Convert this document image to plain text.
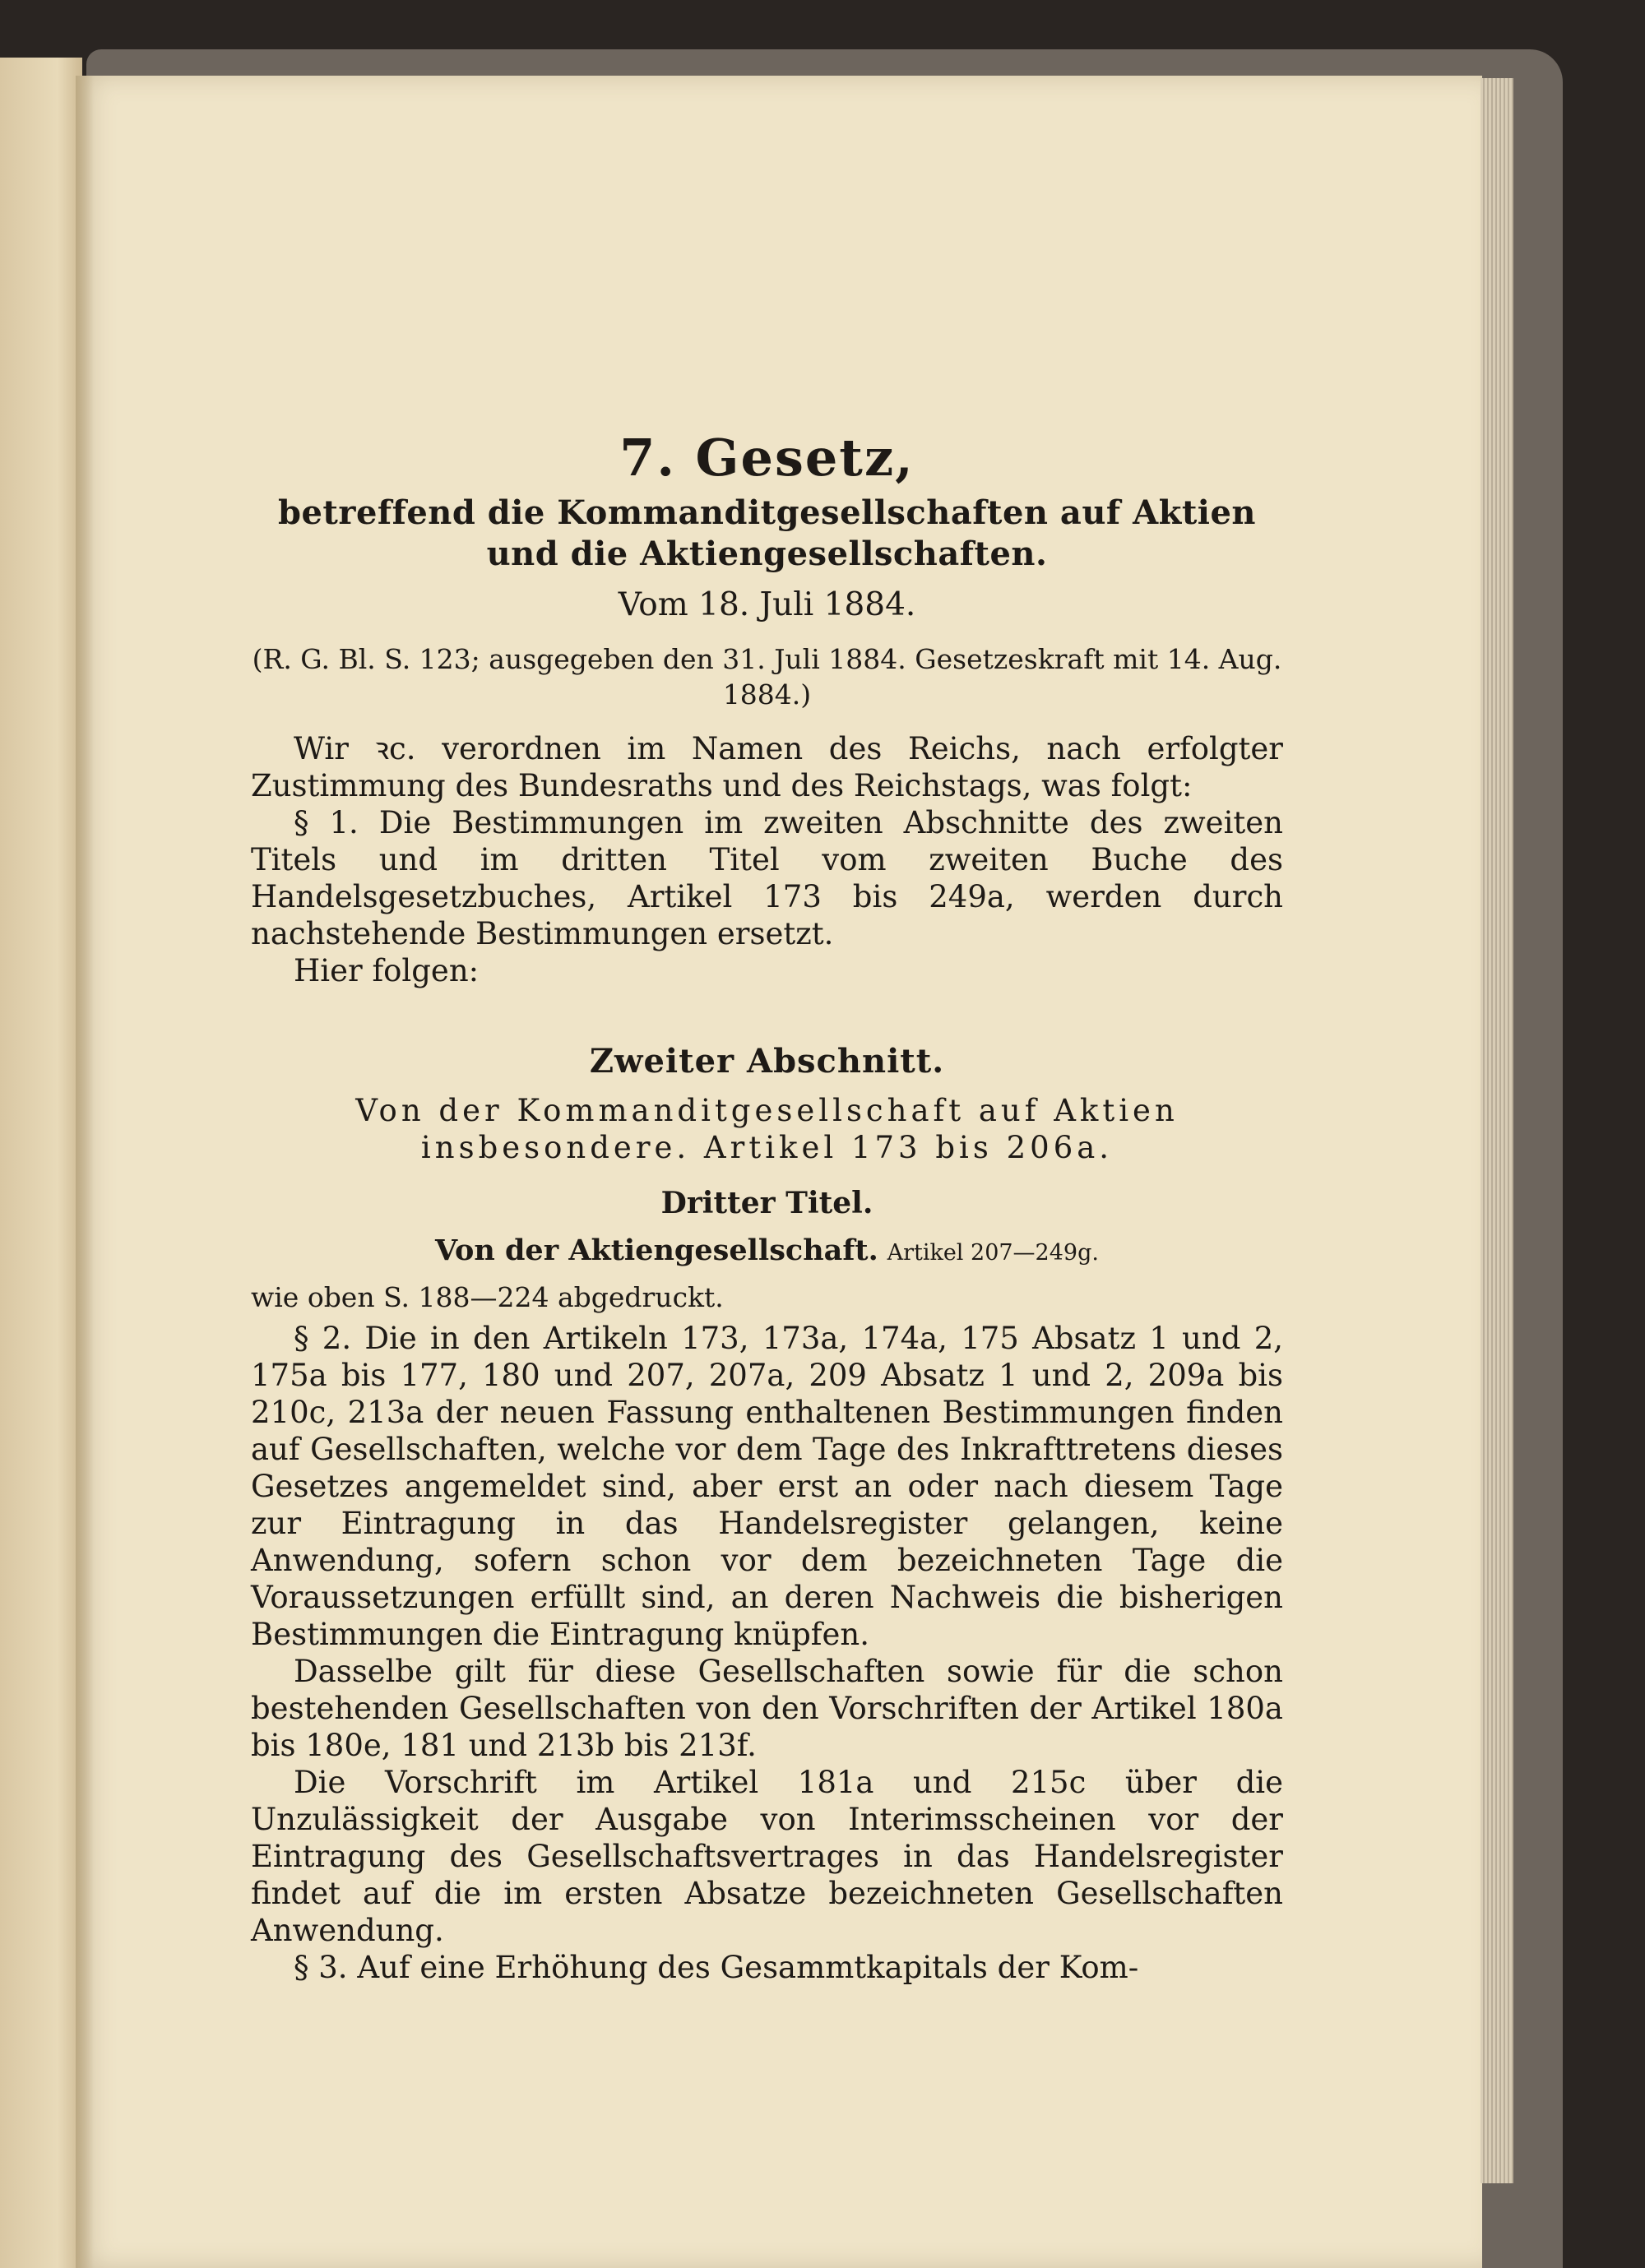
7. Gesetz,
betreffend die Kommanditgesellschaften auf Aktien und die Aktiengesellschaften.
Vom 18. Juli 1884.
(R. G. Bl. S. 123; ausgegeben den 31. Juli 1884. Gesetzeskraft mit 14. Aug. 1884.)

Wir ꝛc. verordnen im Namen des Reichs, nach erfolgter Zustimmung des Bundesraths und des Reichstags, was folgt:

§ 1. Die Bestimmungen im zweiten Abschnitte des zweiten Titels und im dritten Titel vom zweiten Buche des Handelsgesetzbuches, Artikel 173 bis 249a, werden durch nachstehende Bestimmungen ersetzt.

Hier folgen:

Zweiter Abschnitt.
Von der Kommanditgesellschaft auf Aktien insbesondere. Artikel 173 bis 206a.
Dritter Titel.
Von der Aktiengesellschaft. Artikel 207—249g.

wie oben S. 188—224 abgedruckt.

§ 2. Die in den Artikeln 173, 173a, 174a, 175 Absatz 1 und 2, 175a bis 177, 180 und 207, 207a, 209 Absatz 1 und 2, 209a bis 210c, 213a der neuen Fassung enthaltenen Bestimmungen finden auf Gesellschaften, welche vor dem Tage des Inkrafttretens dieses Gesetzes angemeldet sind, aber erst an oder nach diesem Tage zur Eintragung in das Handelsregister gelangen, keine Anwendung, sofern schon vor dem bezeichneten Tage die Voraussetzungen erfüllt sind, an deren Nachweis die bisherigen Bestimmungen die Eintragung knüpfen.

Dasselbe gilt für diese Gesellschaften sowie für die schon bestehenden Gesellschaften von den Vorschriften der Artikel 180a bis 180e, 181 und 213b bis 213f.

Die Vorschrift im Artikel 181a und 215c über die Unzulässigkeit der Ausgabe von Interimsscheinen vor der Eintragung des Gesellschaftsvertrages in das Handelsregister findet auf die im ersten Absatze bezeichneten Gesellschaften Anwendung.

§ 3. Auf eine Erhöhung des Gesammtkapitals der Kom-
